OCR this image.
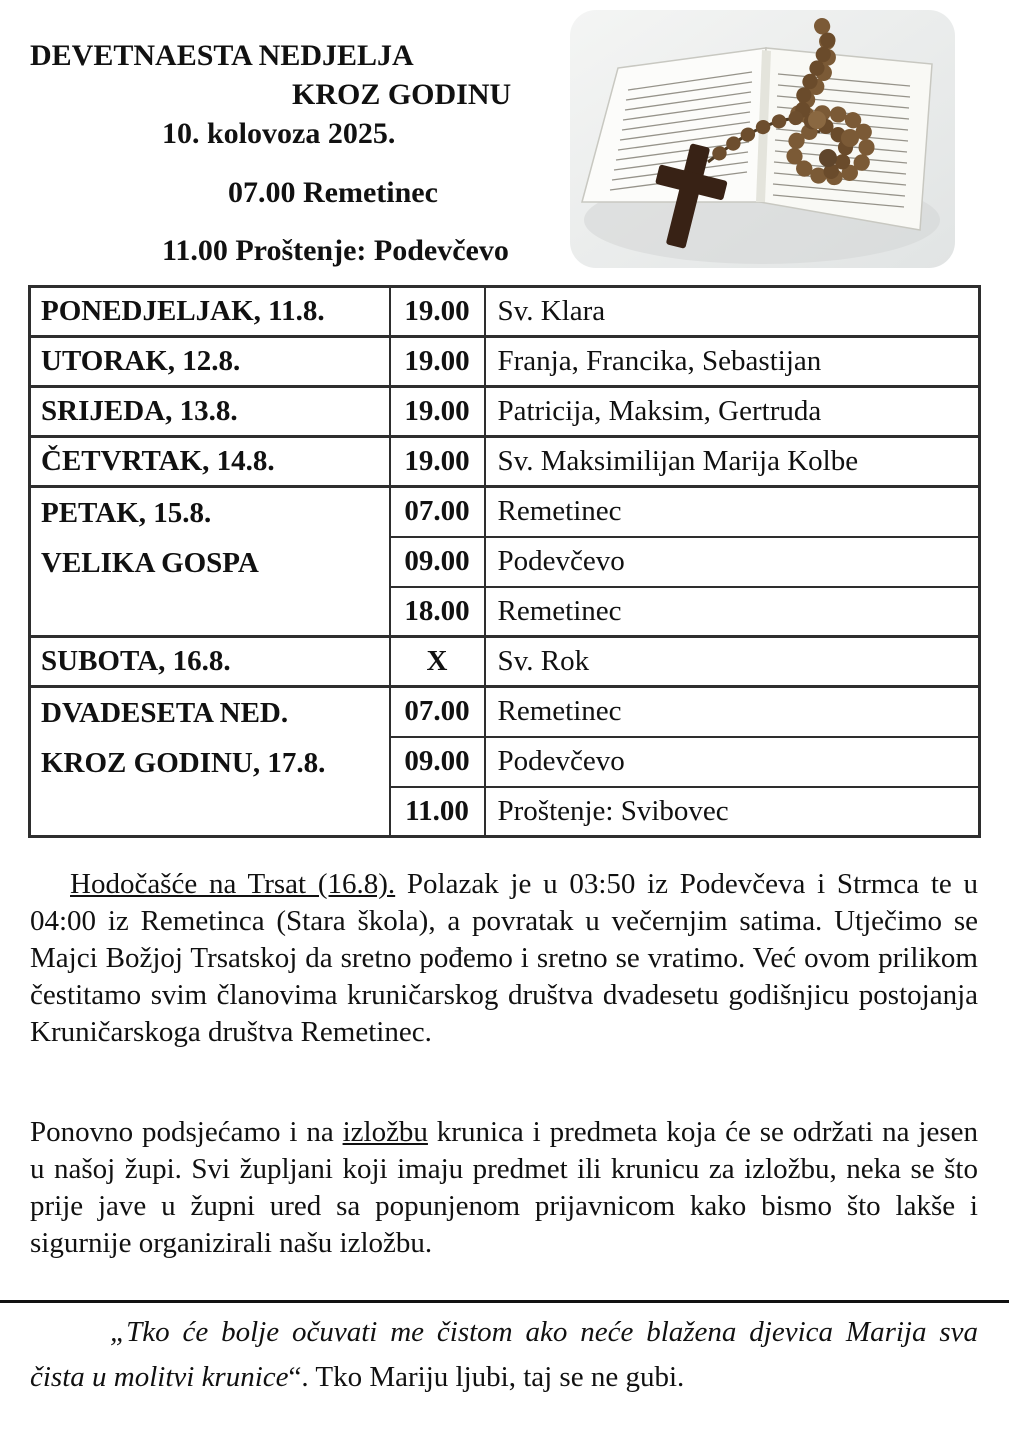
DEVETNAESTA NEDJELJA
KROZ GODINU
10. kolovoza 2025.
07.00 Remetinec
11.00 Proštenje: Podevčevo
PONEDJELJAK, 11.8.	19.00	Sv. Klara
UTORAK, 12.8.	19.00	Franja, Francika, Sebastijan
SRIJEDA, 13.8.	19.00	Patricija, Maksim, Gertruda
ČETVRTAK, 14.8.	19.00	Sv. Maksimilijan Marija Kolbe

PETAK, 15.8.
VELIKA GOSPA	07.00	Remetinec
	09.00	Podevčevo
	18.00	Remetinec
SUBOTA, 16.8.	X	Sv. Rok

DVADESETA NED.
KROZ GODINU, 17.8.	07.00	Remetinec
	09.00	Podevčevo
	11.00	Proštenje: Svibovec

Hodočašće na Trsat (16.8). Polazak je u 03:50 iz Podevčeva i Strmca te u 04:00 iz Remetinca (Stara škola), a povratak u večernjim satima. Utječimo se Majci Božjoj Trsatskoj da sretno pođemo i sretno se vratimo. Već ovom prilikom čestitamo svim članovima kruničarskog društva dvadesetu godišnjicu postojanja Kruničarskoga društva Remetinec.

Ponovno podsjećamo i na izložbu krunica i predmeta koja će se održati na jesen u našoj župi. Svi župljani koji imaju predmet ili krunicu za izložbu, neka se što prije jave u župni ured sa popunjenom prijavnicom kako bismo što lakše i sigurnije organizirali našu izložbu.

„Tko će bolje očuvati me čistom ako neće blažena djevica Marija sva čista u molitvi krunice“. Tko Mariju ljubi, taj se ne gubi.
